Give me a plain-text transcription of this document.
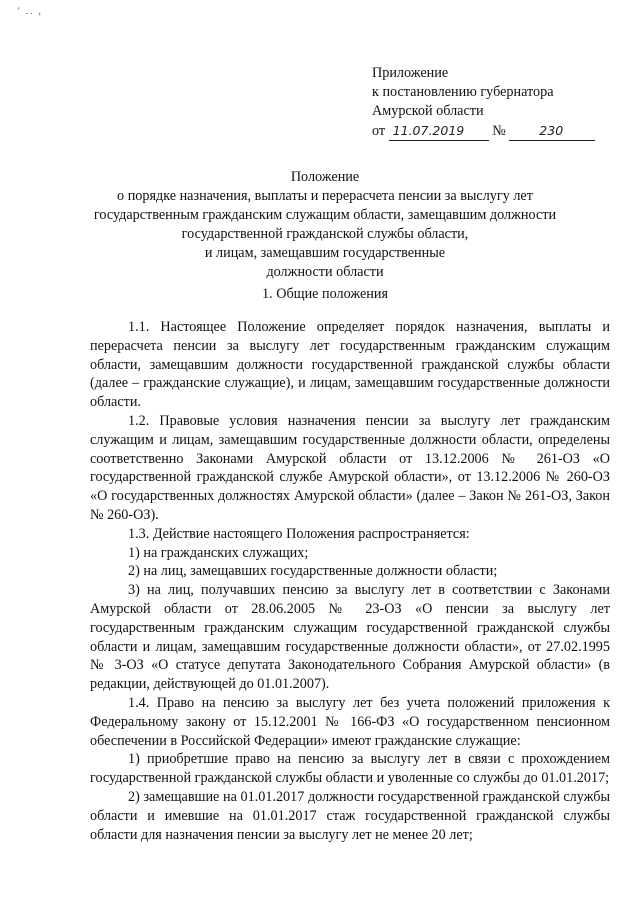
' .. ,
Приложение
к постановлению губернатора
Амурской области
от 11.07.2019 №	230
Положение
о порядке назначения, выплаты и перерасчета пенсии за выслугу лет
государственным гражданским служащим области, замещавшим должности
государственной гражданской службы области,
и лицам, замещавшим государственные
должности области
1. Общие положения

1.1. Настоящее Положение определяет порядок назначения, выплаты и перерасчета пенсии за выслугу лет государственным гражданским служащим области, замещавшим должности государственной гражданской службы области (далее – гражданские служащие), и лицам, замещавшим государственные должности области.

1.2. Правовые условия назначения пенсии за выслугу лет гражданским служащим и лицам, замещавшим государственные должности области, определены соответственно Законами Амурской области от 13.12.2006 № 261-ОЗ «О государственной гражданской службе Амурской области», от 13.12.2006 № 260-ОЗ «О государственных должностях Амурской области» (далее – Закон № 261-ОЗ, Закон № 260-ОЗ).

1.3. Действие настоящего Положения распространяется:

1) на гражданских служащих;

2) на лиц, замещавших государственные должности области;

3) на лиц, получавших пенсию за выслугу лет в соответствии с Законами Амурской области от 28.06.2005 № 23-ОЗ «О пенсии за выслугу лет государственным гражданским служащим государственной гражданской службы области и лицам, замещавшим государственные должности области», от 27.02.1995 № 3-ОЗ «О статусе депутата Законодательного Собрания Амурской области» (в редакции, действующей до 01.01.2007).

1.4. Право на пенсию за выслугу лет без учета положений приложения к Федеральному закону от 15.12.2001 № 166-ФЗ «О государственном пенсионном обеспечении в Российской Федерации» имеют гражданские служащие:

1) приобретшие право на пенсию за выслугу лет в связи с прохождением государственной гражданской службы области и уволенные со службы до 01.01.2017;

2) замещавшие на 01.01.2017 должности государственной гражданской службы области и имевшие на 01.01.2017 стаж государственной гражданской службы области для назначения пенсии за выслугу лет не менее 20 лет;
